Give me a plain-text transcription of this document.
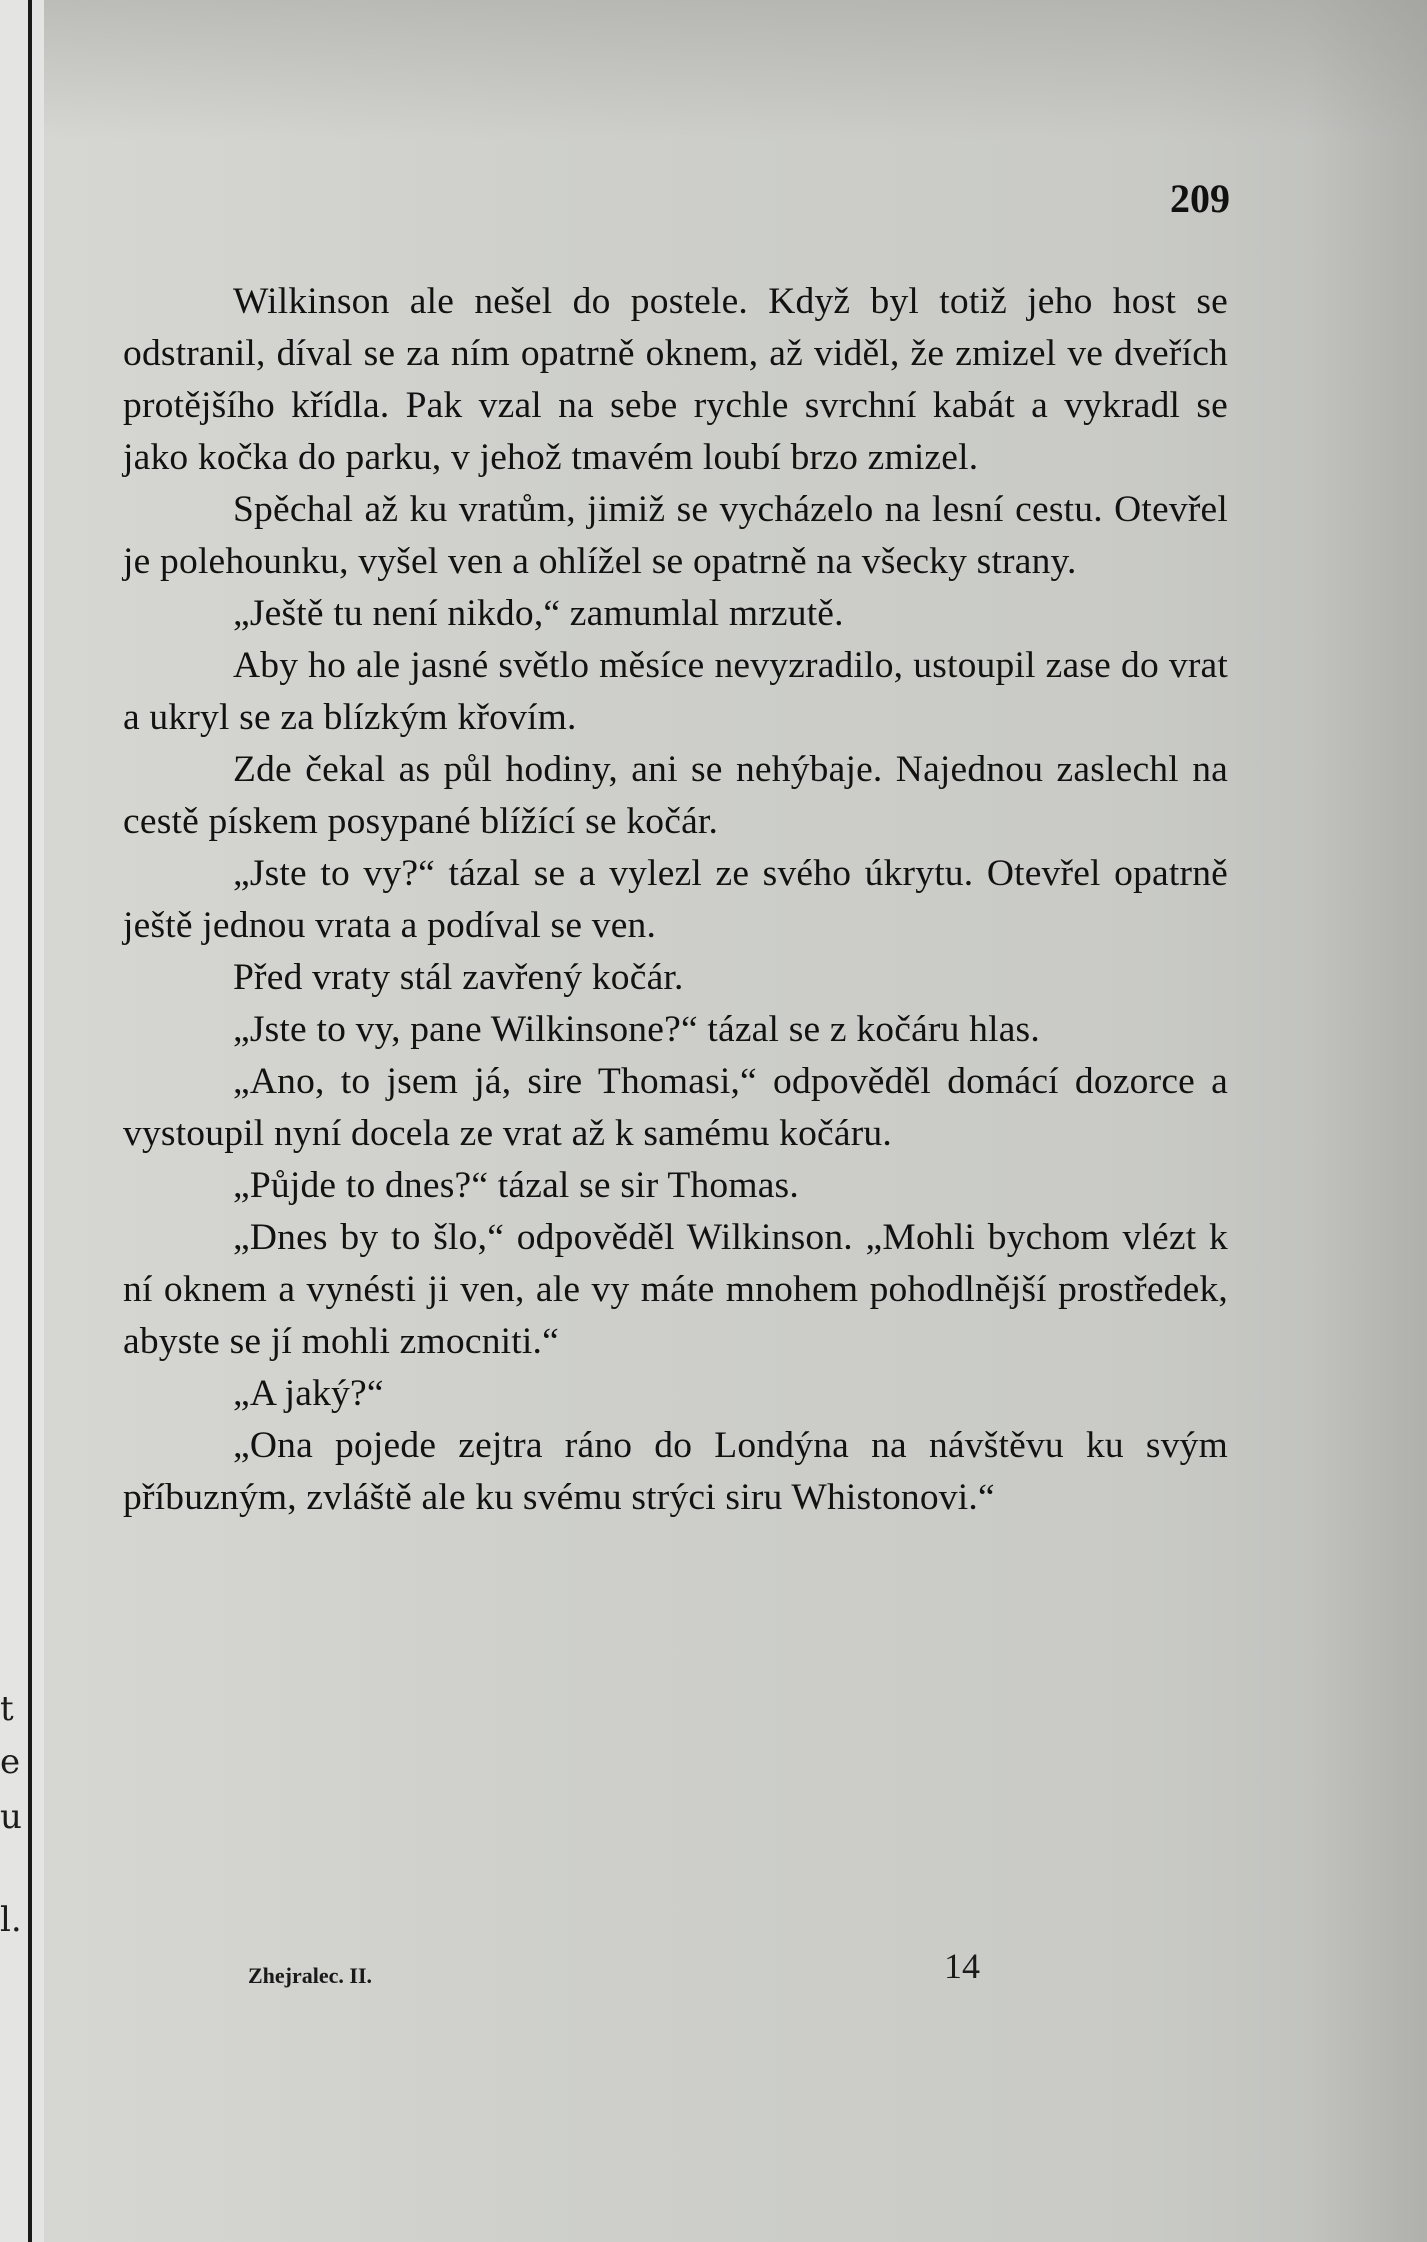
t
e
u
l.
209

Wilkinson ale nešel do postele. Když byl totiž jeho host se odstranil, díval se za ním opatrně oknem, až viděl, že zmizel ve dveřích protějšího křídla. Pak vzal na sebe rychle svrchní kabát a vykradl se jako kočka do parku, v jehož tmavém loubí brzo zmizel.

Spěchal až ku vratům, jimiž se vycházelo na lesní cestu. Otevřel je polehounku, vyšel ven a ohlížel se opatrně na všecky strany.

„Ještě tu není nikdo,“ zamumlal mrzutě.

Aby ho ale jasné světlo měsíce nevyzradilo, ustoupil zase do vrat a ukryl se za blízkým křovím.

Zde čekal as půl hodiny, ani se nehýbaje. Najednou zaslechl na cestě pískem posypané blížící se kočár.

„Jste to vy?“ tázal se a vylezl ze svého úkrytu. Otevřel opatrně ještě jednou vrata a podíval se ven.

Před vraty stál zavřený kočár.

„Jste to vy, pane Wilkinsone?“ tázal se z kočáru hlas.

„Ano, to jsem já, sire Thomasi,“ odpověděl domácí dozorce a vystoupil nyní docela ze vrat až k samému kočáru.

„Půjde to dnes?“ tázal se sir Thomas.

„Dnes by to šlo,“ odpověděl Wilkinson. „Mohli bychom vlézt k ní oknem a vynésti ji ven, ale vy máte mnohem pohodlnější prostředek, abyste se jí mohli zmocniti.“

„A jaký?“

„Ona pojede zejtra ráno do Londýna na návštěvu ku svým příbuzným, zvláště ale ku svému strýci siru Whistonovi.“

Zhejralec. II.	14
